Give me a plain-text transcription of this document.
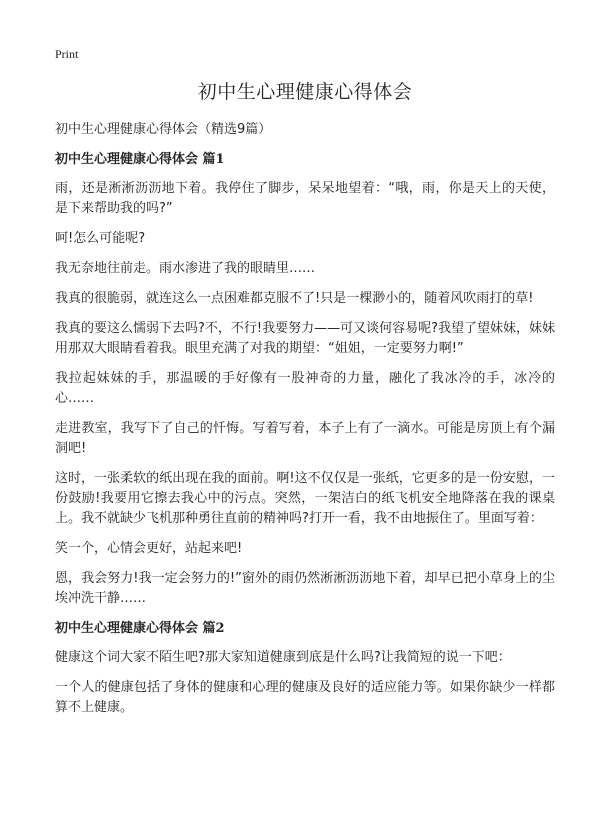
Print
初中生心理健康心得体会

初中生心理健康心得体会（精选9篇）

初中生心理健康心得体会 篇1

雨，还是淅淅沥沥地下着。我停住了脚步，呆呆地望着：“哦，雨，你是天上的天使，是下来帮助我的吗?”

呵!怎么可能呢?

我无奈地往前走。雨水渗进了我的眼睛里……

我真的很脆弱，就连这么一点困难都克服不了!只是一棵渺小的，随着风吹雨打的草!

我真的要这么懦弱下去吗?不，不行!我要努力——可又谈何容易呢?我望了望妹妹，妹妹用那双大眼睛看着我。眼里充满了对我的期望：“姐姐，一定要努力啊!”

我拉起妹妹的手，那温暖的手好像有一股神奇的力量，融化了我冰冷的手，冰冷的心……

走进教室，我写下了自己的忏悔。写着写着，本子上有了一滴水。可能是房顶上有个漏洞吧!

这时，一张柔软的纸出现在我的面前。啊!这不仅仅是一张纸，它更多的是一份安慰，一份鼓励!我要用它擦去我心中的污点。突然，一架洁白的纸飞机安全地降落在我的课桌上。我不就缺少飞机那种勇往直前的精神吗?打开一看，我不由地振住了。里面写着：

笑一个，心情会更好，站起来吧!

恩，我会努力!我一定会努力的!”窗外的雨仍然淅淅沥沥地下着，却早已把小草身上的尘埃冲洗干静……

初中生心理健康心得体会 篇2

健康这个词大家不陌生吧?那大家知道健康到底是什么吗?让我简短的说一下吧：

一个人的健康包括了身体的健康和心理的健康及良好的适应能力等。如果你缺少一样都算不上健康。
